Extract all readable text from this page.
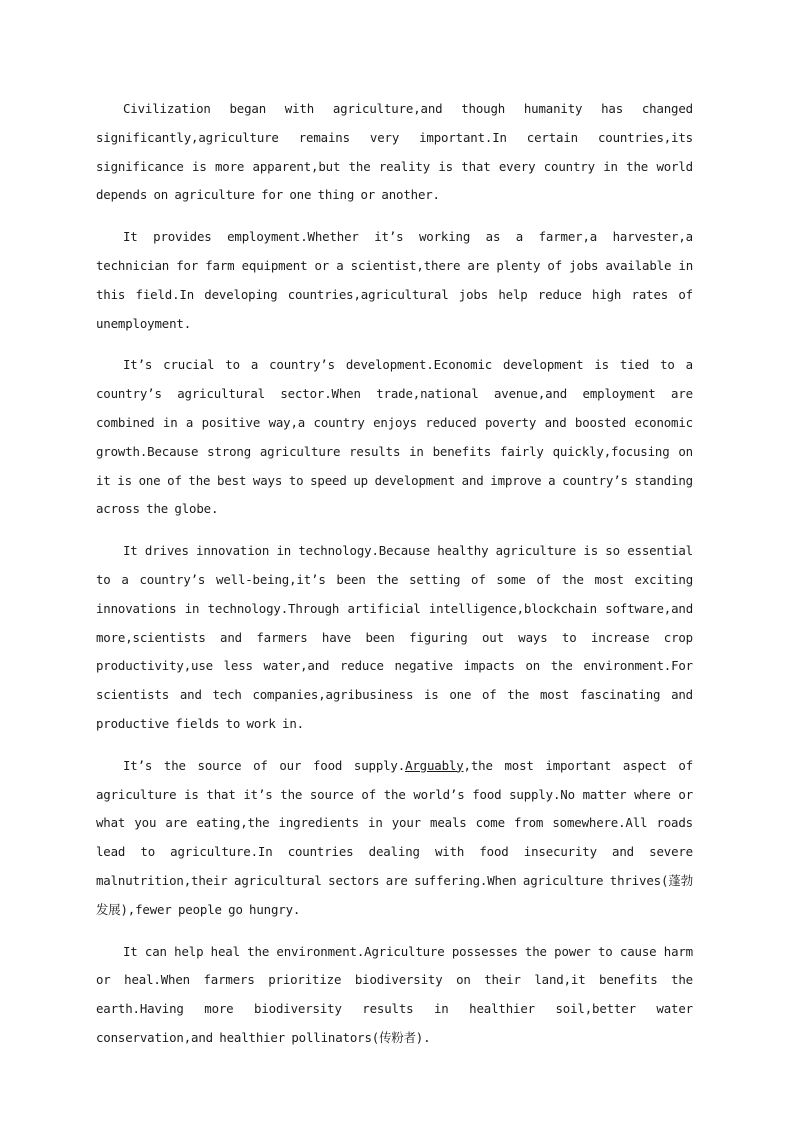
Civilization began with agriculture,and though humanity has changed significantly,agriculture remains very important.In certain countries,its significance is more apparent,but the reality is that every country in the world depends on agriculture for one thing or another.

It provides employment.Whether it’s working as a farmer,a harvester,a technician for farm equipment or a scientist,there are plenty of jobs available in this field.In developing countries,agricultural jobs help reduce high rates of unemployment.

It’s crucial to a country’s development.Economic development is tied to a country’s agricultural sector.When trade,national avenue,and employment are combined in a positive way,a country enjoys reduced poverty and boosted economic growth.Because strong agriculture results in benefits fairly quickly,focusing on it is one of the best ways to speed up development and improve a country’s standing across the globe.

It drives innovation in technology.Because healthy agriculture is so essential to a country’s well-being,it’s been the setting of some of the most exciting innovations in technology.Through artificial intelligence,blockchain software,and more,scientists and farmers have been figuring out ways to increase crop productivity,use less water,and reduce negative impacts on the environment.For scientists and tech companies,agribusiness is one of the most fascinating and productive fields to work in.

It’s the source of our food supply.Arguably,the most important aspect of agriculture is that it’s the source of the world’s food supply.No matter where or what you are eating,the ingredients in your meals come from somewhere.All roads lead to agriculture.In countries dealing with food insecurity and severe malnutrition,their agricultural sectors are suffering.When agriculture thrives(蓬勃发展),fewer people go hungry.

It can help heal the environment.Agriculture possesses the power to cause harm or heal.When farmers prioritize biodiversity on their land,it benefits the earth.Having more biodiversity results in healthier soil,better water conservation,and healthier pollinators(传粉者).
